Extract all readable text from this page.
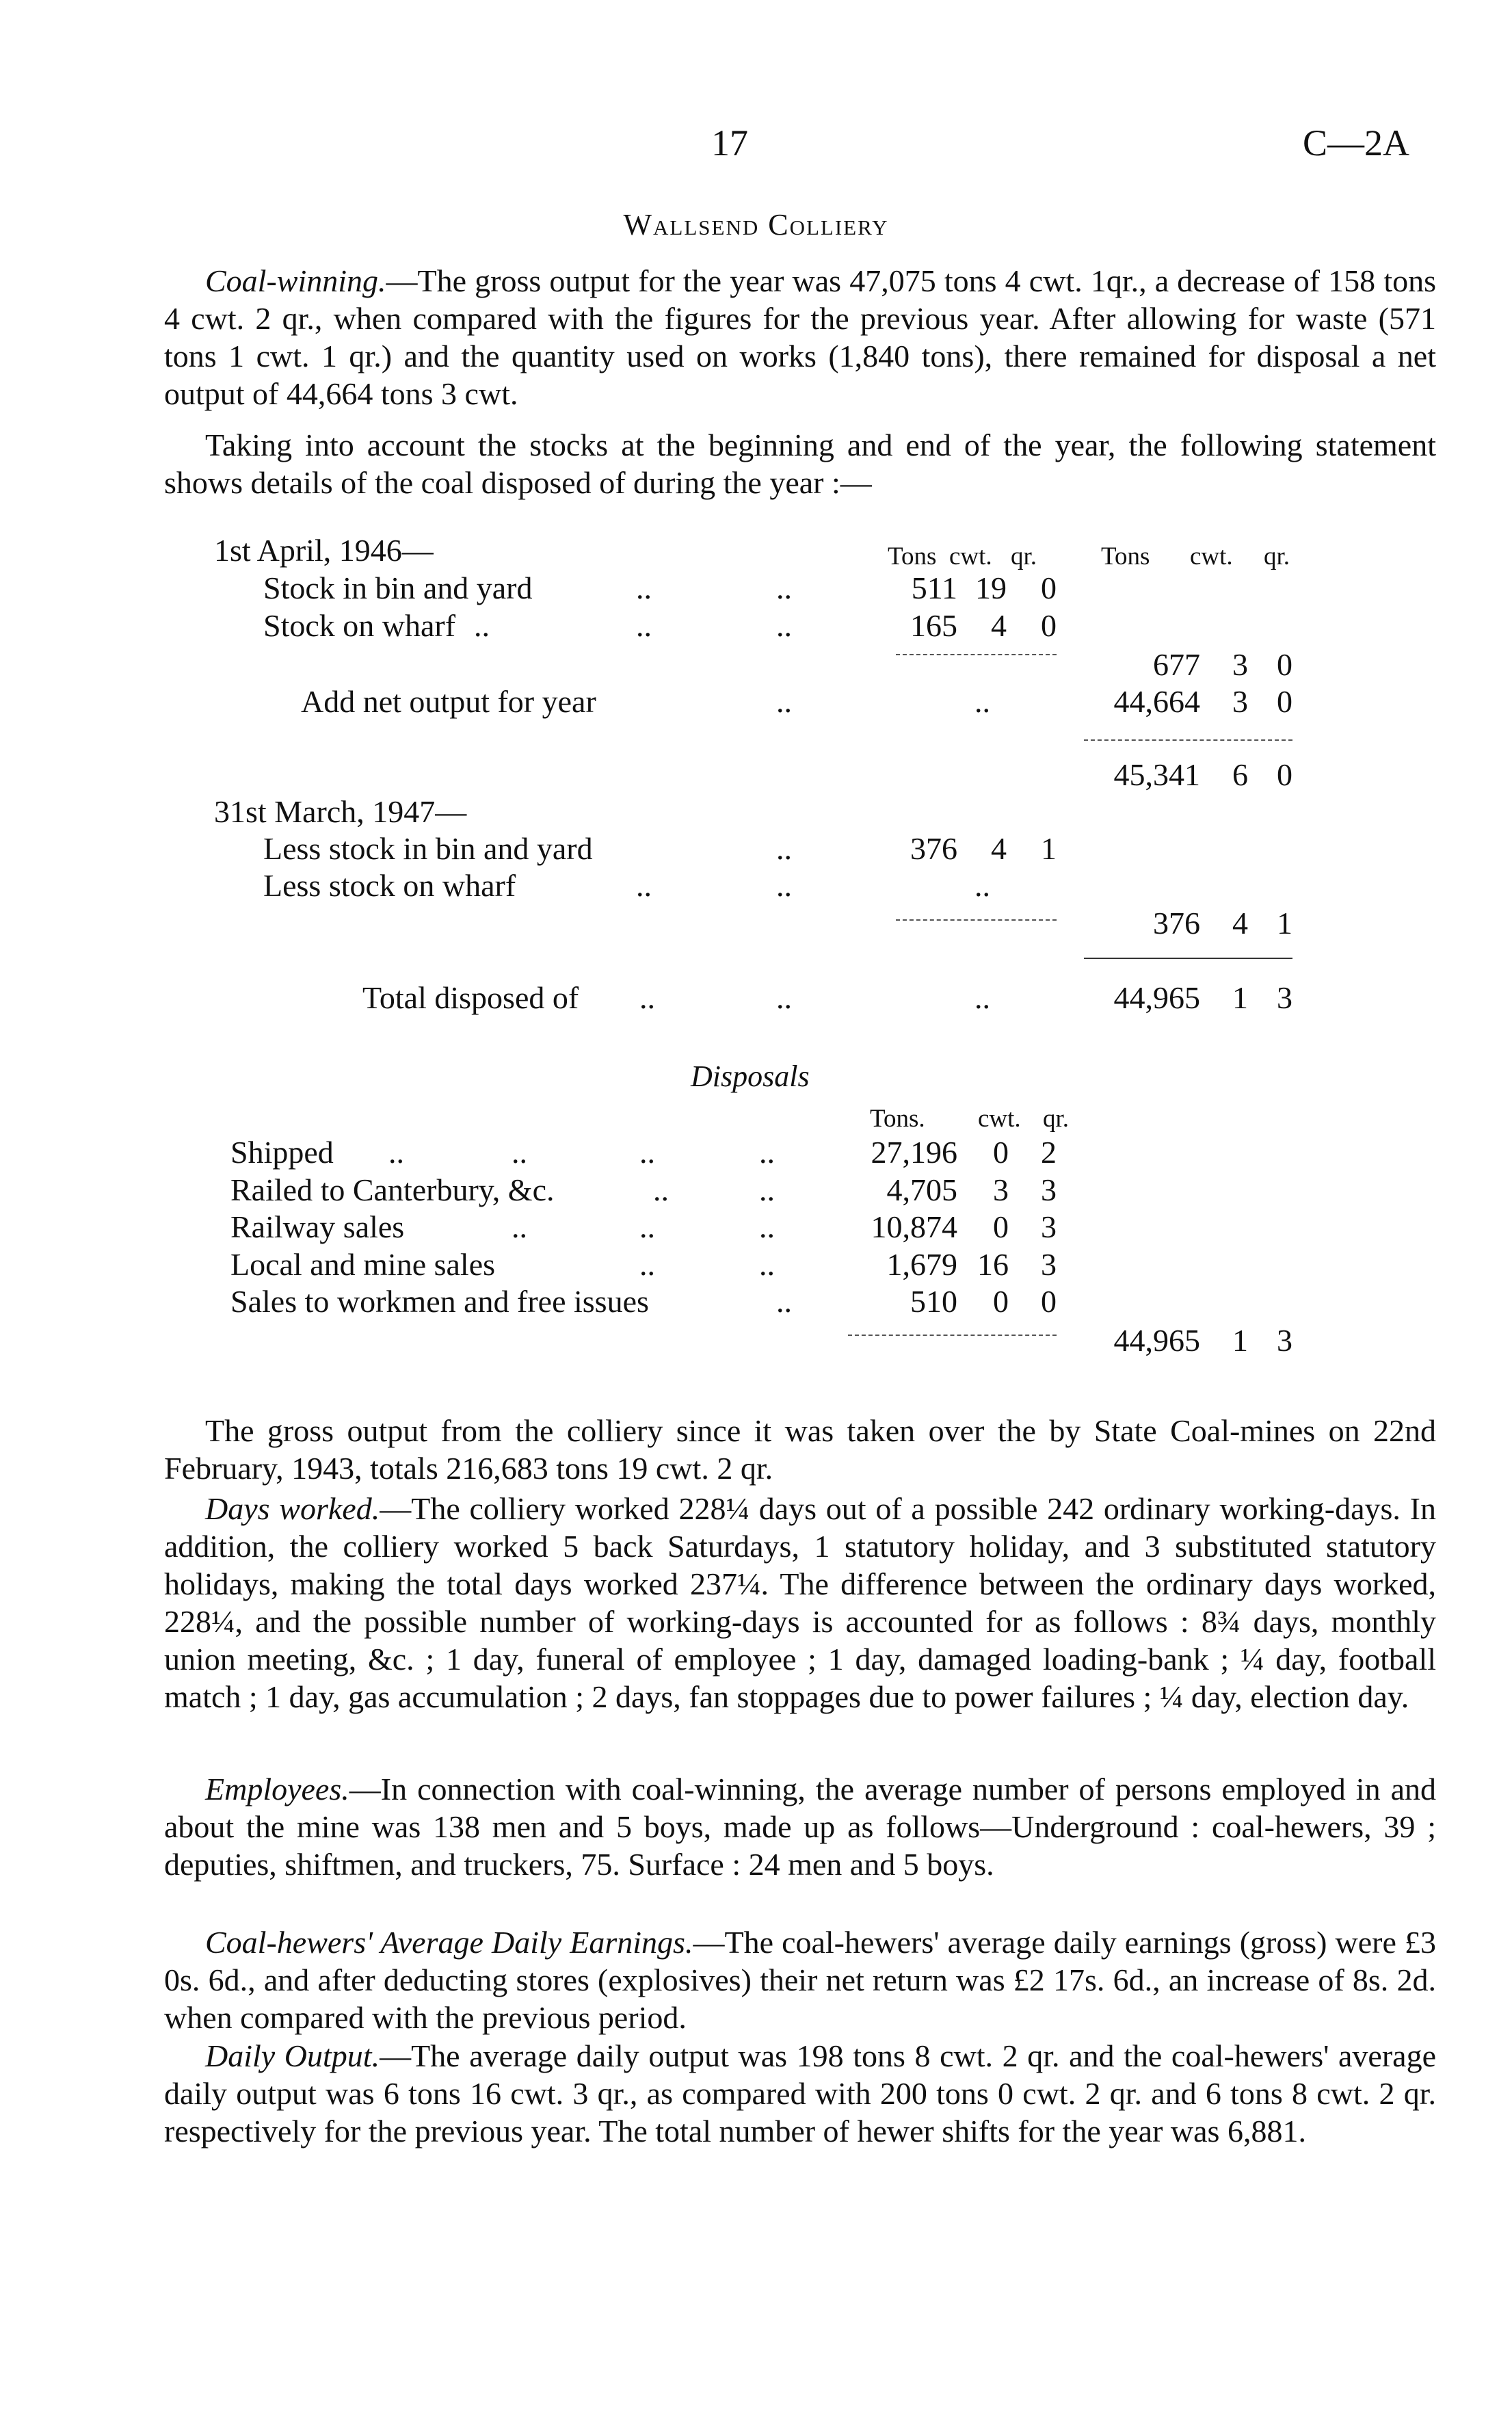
17	C—2A
Wallsend Colliery

Coal-winning.—The gross output for the year was 47,075 tons 4 cwt. 1qr., a decrease of 158 tons 4 cwt. 2 qr., when compared with the figures for the previous year. After allowing for waste (571 tons 1 cwt. 1 qr.) and the quantity used on works (1,840 tons), there remained for disposal a net output of 44,664 tons 3 cwt.

Taking into account the stocks at the beginning and end of the year, the following statement shows details of the coal disposed of during the year :—

Tons cwt. qr.	Tons cwt. qr.
1st April, 1946—
Stock in bin and yard	..	..	511 19	0
Stock on wharf ..	..	..	165	4	0
677	3 0
Add net output for year	..	..	44,664	3 0
45,341	6 0
31st March, 1947—
Less stock in bin and yard	..	376	4	1
Less stock on wharf	..	..	..
376	4 1
Total disposed of ..	..	..	44,965	1 3
Disposals
Tons. cwt. qr.
Shipped ..	..	..	..	27,196	0	2
Railed to Canterbury, &c.	..	..	4,705	3	3
Railway sales	..	..	..	10,874	0	3
Local and mine sales	..	..	1,679 16	3
Sales to workmen and free issues	..	510	0	0
44,965	1 3

The gross output from the colliery since it was taken over the by State Coal-mines on 22nd February, 1943, totals 216,683 tons 19 cwt. 2 qr.

Days worked.—The colliery worked 228¼ days out of a possible 242 ordinary working-days. In addition, the colliery worked 5 back Saturdays, 1 statutory holiday, and 3 substituted statutory holidays, making the total days worked 237¼. The difference between the ordinary days worked, 228¼, and the possible number of working-days is accounted for as follows : 8¾ days, monthly union meeting, &c. ; 1 day, funeral of employee ; 1 day, damaged loading-bank ; ¼ day, football match ; 1 day, gas accumulation ; 2 days, fan stoppages due to power failures ; ¼ day, election day.

Employees.—In connection with coal-winning, the average number of persons employed in and about the mine was 138 men and 5 boys, made up as follows—Underground : coal-hewers, 39 ; deputies, shiftmen, and truckers, 75. Surface : 24 men and 5 boys.

Coal-hewers' Average Daily Earnings.—The coal-hewers' average daily earnings (gross) were £3 0s. 6d., and after deducting stores (explosives) their net return was £2 17s. 6d., an increase of 8s. 2d. when compared with the previous period.

Daily Output.—The average daily output was 198 tons 8 cwt. 2 qr. and the coal-hewers' average daily output was 6 tons 16 cwt. 3 qr., as compared with 200 tons 0 cwt. 2 qr. and 6 tons 8 cwt. 2 qr. respectively for the previous year. The total number of hewer shifts for the year was 6,881.
